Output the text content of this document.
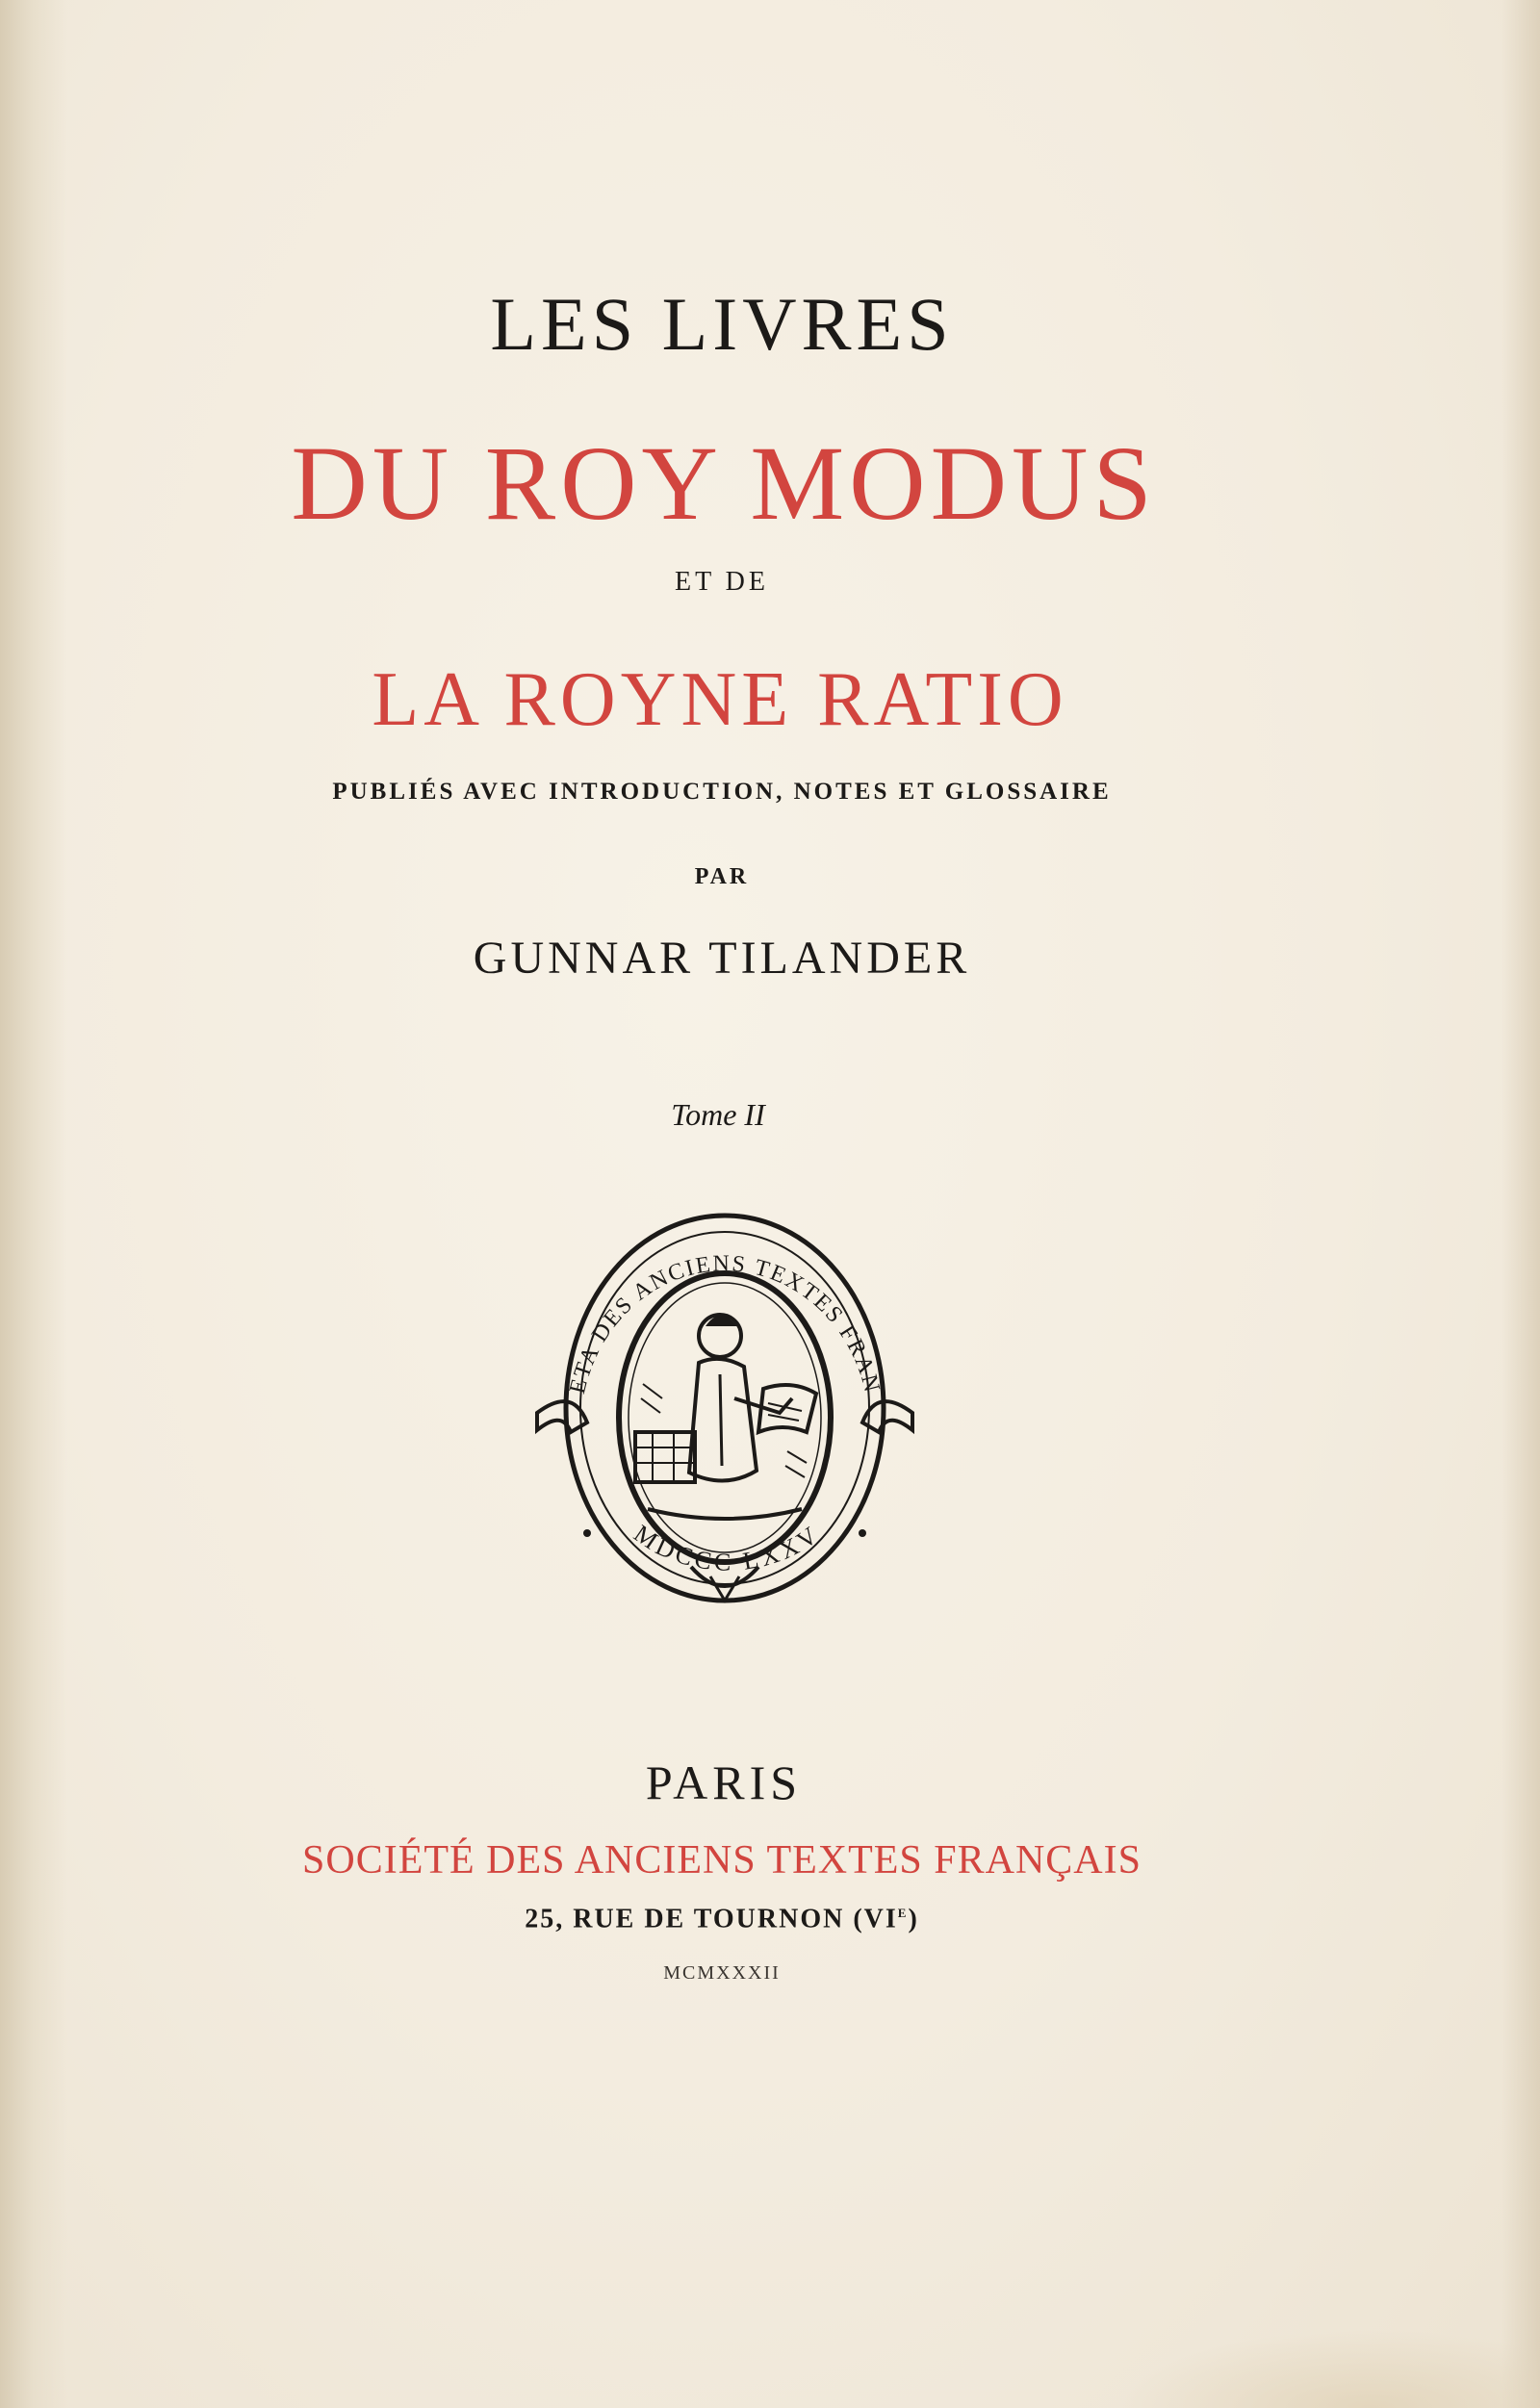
LES LIVRES
DU ROY MODUS
ET DE
LA ROYNE RATIO
PUBLIÉS AVEC INTRODUCTION, NOTES ET GLOSSAIRE
PAR
GUNNAR TILANDER
Tome II
ETA DES ANCIENS TEXTES FRAN
MDCCC LXXV
PARIS
SOCIÉTÉ DES ANCIENS TEXTES FRANÇAIS
25, RUE DE TOURNON (VIe)
MCMXXXII
